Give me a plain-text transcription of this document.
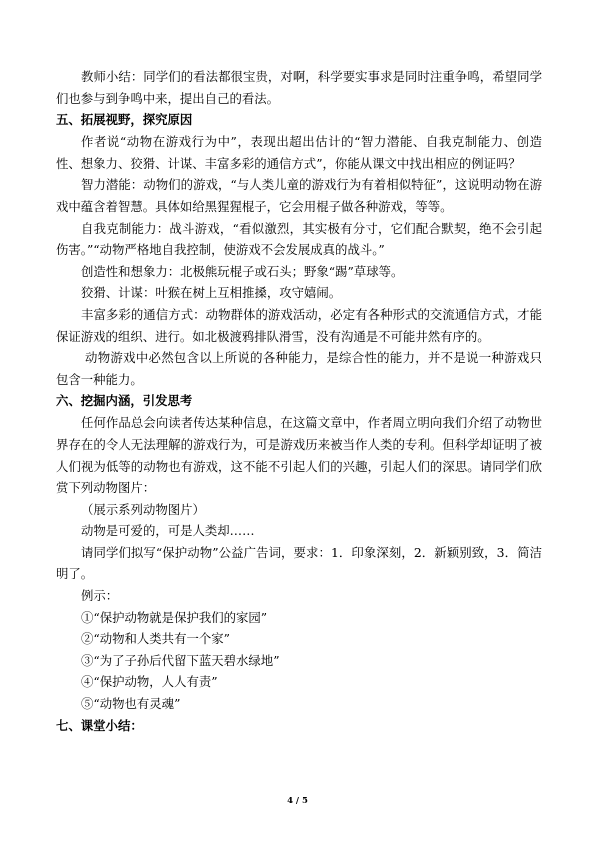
教师小结：同学们的看法都很宝贵，对啊，科学要实事求是同时注重争鸣，希望同学们也参与到争鸣中来，提出自己的看法。

五、拓展视野，探究原因

作者说“动物在游戏行为中”，表现出超出估计的“智力潜能、自我克制能力、创造性、想象力、狡猾、计谋、丰富多彩的通信方式”，你能从课文中找出相应的例证吗？

智力潜能：动物们的游戏，“与人类儿童的游戏行为有着相似特征”，这说明动物在游戏中蕴含着智慧。具体如给黑猩猩棍子，它会用棍子做各种游戏，等等。

自我克制能力：战斗游戏，“看似激烈，其实极有分寸，它们配合默契，绝不会引起伤害。”“动物严格地自我控制，使游戏不会发展成真的战斗。”

创造性和想象力：北极熊玩棍子或石头；野象“踢”草球等。

狡猾、计谋：叶猴在树上互相推搡，攻守嬉闹。

丰富多彩的通信方式：动物群体的游戏活动，必定有各种形式的交流通信方式，才能保证游戏的组织、进行。如北极渡鸦排队滑雪，没有沟通是不可能井然有序的。

动物游戏中必然包含以上所说的各种能力，是综合性的能力，并不是说一种游戏只包含一种能力。

六、挖掘内涵，引发思考

任何作品总会向读者传达某种信息，在这篇文章中，作者周立明向我们介绍了动物世界存在的令人无法理解的游戏行为，可是游戏历来被当作人类的专利。但科学却证明了被人们视为低等的动物也有游戏，这不能不引起人们的兴趣，引起人们的深思。请同学们欣赏下列动物图片：

（展示系列动物图片）

动物是可爱的，可是人类却……

请同学们拟写“保护动物”公益广告词，要求：1．印象深刻，2．新颖别致，3．简洁明了。

例示：

①“保护动物就是保护我们的家园”

②“动物和人类共有一个家”

③“为了子孙后代留下蓝天碧水绿地”

④“保护动物，人人有责”

⑤“动物也有灵魂”

七、课堂小结：

4 / 5
